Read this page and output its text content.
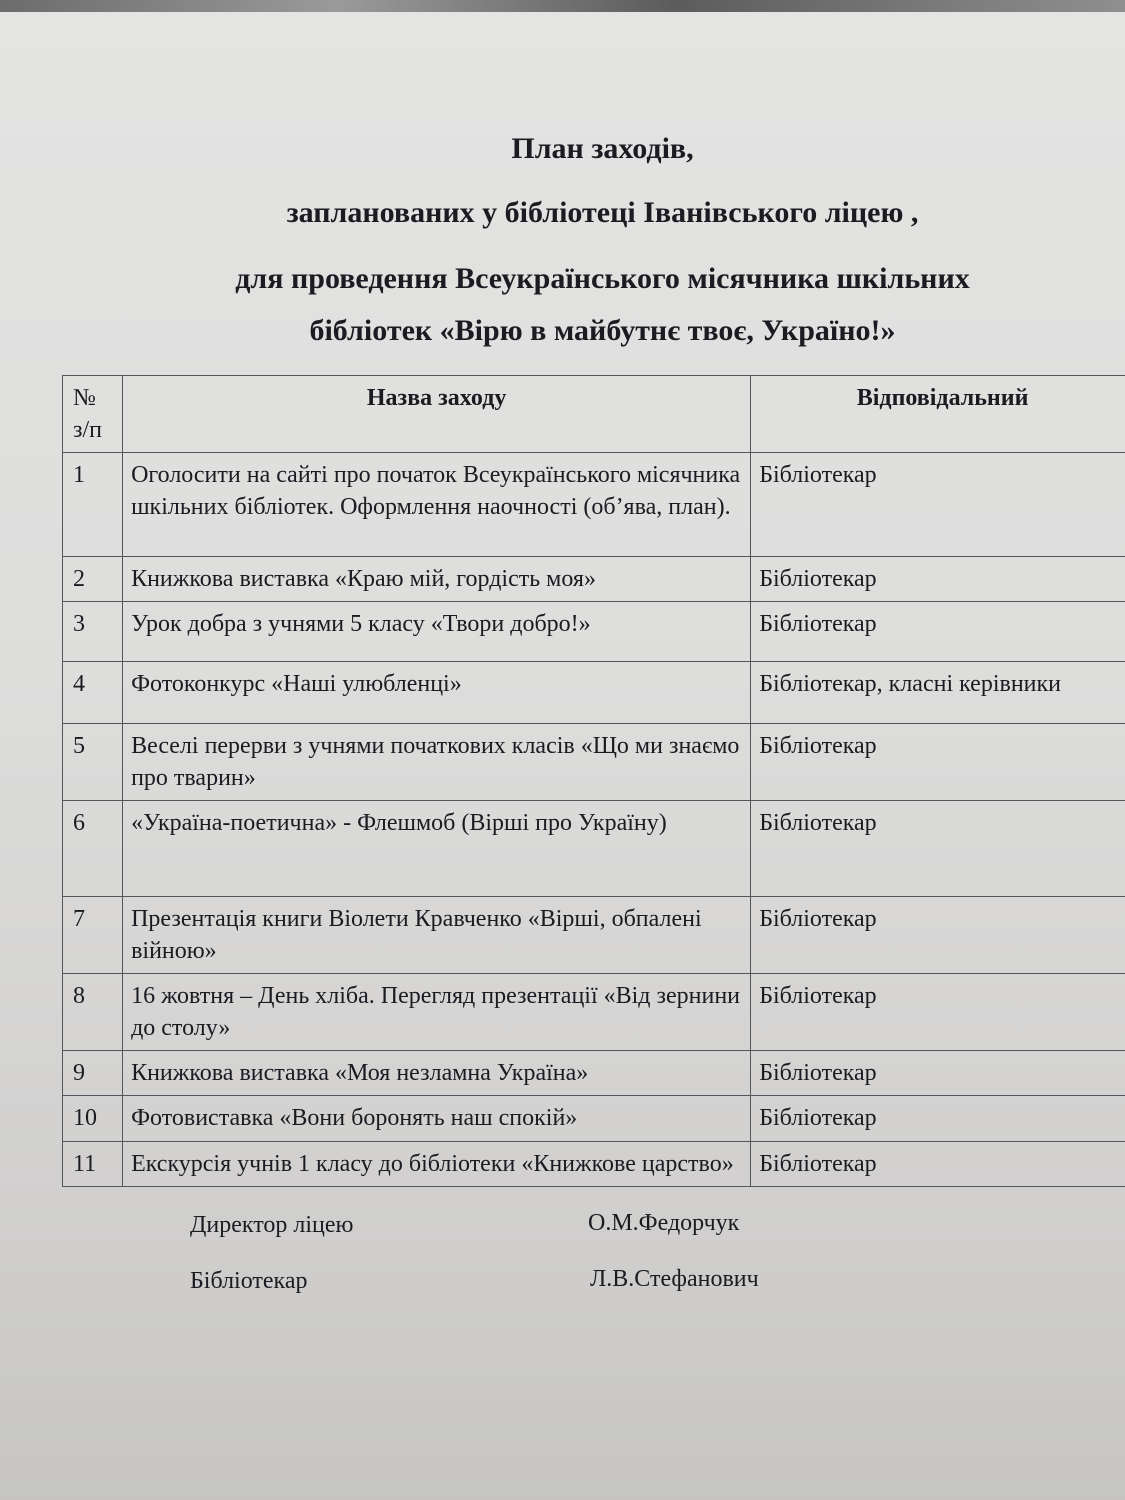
План заходів,
запланованих у бібліотеці Іванівського ліцею ,
для проведення Всеукраїнського місячника шкільних
бібліотек «Вірю в майбутнє твоє, Україно!»
№ з/п	Назва заходу	Відповідальний
1	Оголосити на сайті про початок Всеукраїнського місячника шкільних бібліотек. Оформлення наочності (об’ява, план).	Бібліотекар
2	Книжкова виставка «Краю мій, гордість моя»	Бібліотекар
3	Урок добра з учнями 5 класу «Твори добро!»	Бібліотекар
4	Фотоконкурс «Наші улюбленці»	Бібліотекар, класні керівники
5	Веселі перерви з учнями початкових класів «Що ми знаємо про тварин»	Бібліотекар
6	«Україна-поетична» - Флешмоб (Вірші про Україну)	Бібліотекар
7	Презентація книги Віолети Кравченко «Вірші, обпалені війною»	Бібліотекар
8	16 жовтня – День хліба. Перегляд презентації «Від зернини до столу»	Бібліотекар
9	Книжкова виставка «Моя незламна Україна»	Бібліотекар
10	Фотовиставка «Вони боронять наш спокій»	Бібліотекар
11	Екскурсія учнів 1 класу до бібліотеки «Книжкове царство»	Бібліотекар
Директор ліцею	О.М.Федорчук
Бібліотекар	Л.В.Стефанович
